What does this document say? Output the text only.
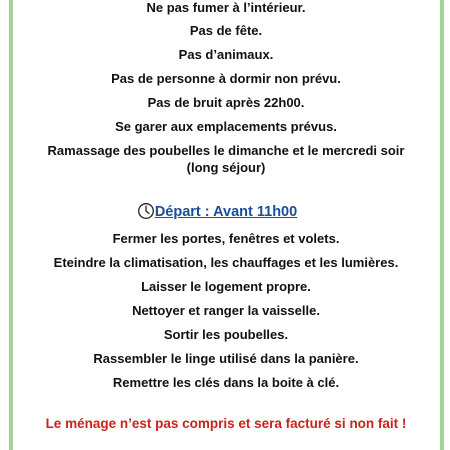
Ne pas fumer à l’intérieur.
Pas de fête.
Pas d’animaux.
Pas de personne à dormir non prévu.
Pas de bruit après 22h00.
Se garer aux emplacements prévus.
Ramassage des poubelles le dimanche et le mercredi soir
(long séjour)
Départ : Avant 11h00
Fermer les portes, fenêtres et volets.
Eteindre la climatisation, les chauffages et les lumières.
Laisser le logement propre.
Nettoyer et ranger la vaisselle.
Sortir les poubelles.
Rassembler le linge utilisé dans la panière.
Remettre les clés dans la boite à clé.
Le ménage n’est pas compris et sera facturé si non fait !
